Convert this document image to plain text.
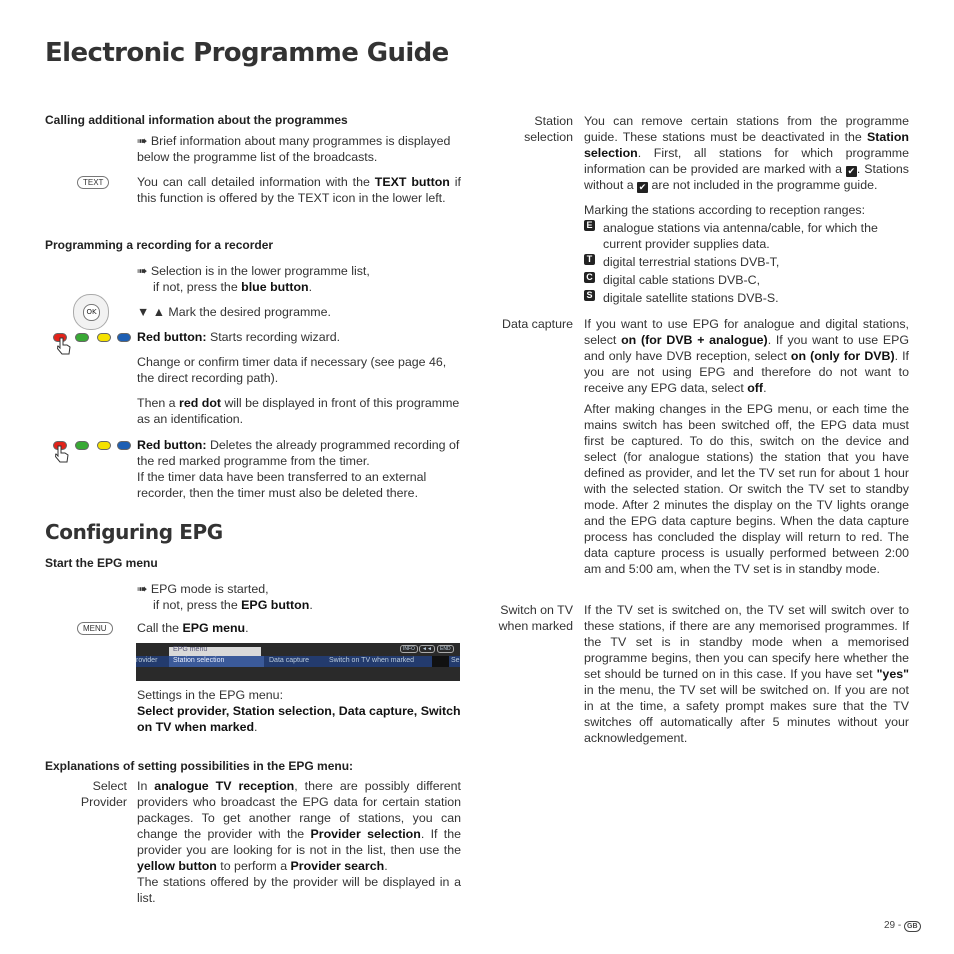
Electronic Programme Guide
Calling additional information about the programmes
➠ Brief information about many programmes is displayed below the programme list of the broadcasts.
TEXT	You can call detailed information with the TEXT button if this function is offered by the TEXT icon in the lower left.
Programming a recording for a recorder
➠ Selection is in the lower programme list,
if not, press the blue button.
OK	▼ ▲ Mark the desired programme.
Red button: Starts recording wizard.
Change or confirm timer data if necessary (see page 46, the direct recording path).
Then a red dot will be displayed in front of this programme as an identification.
Red button: Deletes the already programmed recording of the red marked programme from the timer.
If the timer data have been transferred to an external recorder, then the timer must also be deleted there.
Configuring EPG
Start the EPG menu
➠ EPG mode is started,
if not, press the EPG button.
MENU	Call the EPG menu.
EPG menu	INFO	◄◄	END
rovider Station selection	Data capture	Switch on TV when marked	Se
Settings in the EPG menu:
Select provider, Station selection, Data capture, Switch on TV when marked.
Explanations of setting possibilities in the EPG menu:
Select Provider
In analogue TV reception, there are possibly different providers who broadcast the EPG data for certain station packages. To get another range of stations, you can change the provider with the Provider selection. If the provider you are looking for is not in the list, then use the yellow button to perform a Provider search.
The stations offered by the provider will be displayed in a list.
Station selection
You can remove certain stations from the programme guide. These stations must be deactivated in the Station selection. First, all stations for which programme information can be provided are marked with a ✔ . Stations without a ✔ are not included in the programme guide.
Marking the stations according to reception ranges:
E analogue stations via antenna/cable, for which the current provider supplies data.
T digital terrestrial stations DVB-T,
C digital cable stations DVB-C,
S digitale satellite stations DVB-S.
Data capture If you want to use EPG for analogue and digital stations, select on (for DVB + analogue). If you want to use EPG and only have DVB reception, select on (only for DVB). If you are not using EPG and therefore do not want to receive any EPG data, select off.
After making changes in the EPG menu, or each time the mains switch has been switched off, the EPG data must first be captured. To do this, switch on the device and select (for analogue stations) the station that you have defined as provider, and let the TV set run for about 1 hour with the selected station. Or switch the TV set to standby mode. After 2 minutes the display on the TV lights orange and the EPG data capture begins. When the data capture process has concluded the display will return to red. The data capture process is usually performed between 2:00 am and 5:00 am, when the TV set is in standby mode.
Switch on TV when marked
If the TV set is switched on, the TV set will switch over to these stations, if there are any memorised programmes. If the TV set is in standby mode when a memorised programme begins, then you can specify here whether the set should be turned on in this case. If you have set "yes" in the menu, the TV set will be switched on. If you are not in at the time, a safety prompt makes sure that the TV switches off automatically after 5 minutes without your acknowledgement.
29 - GB
